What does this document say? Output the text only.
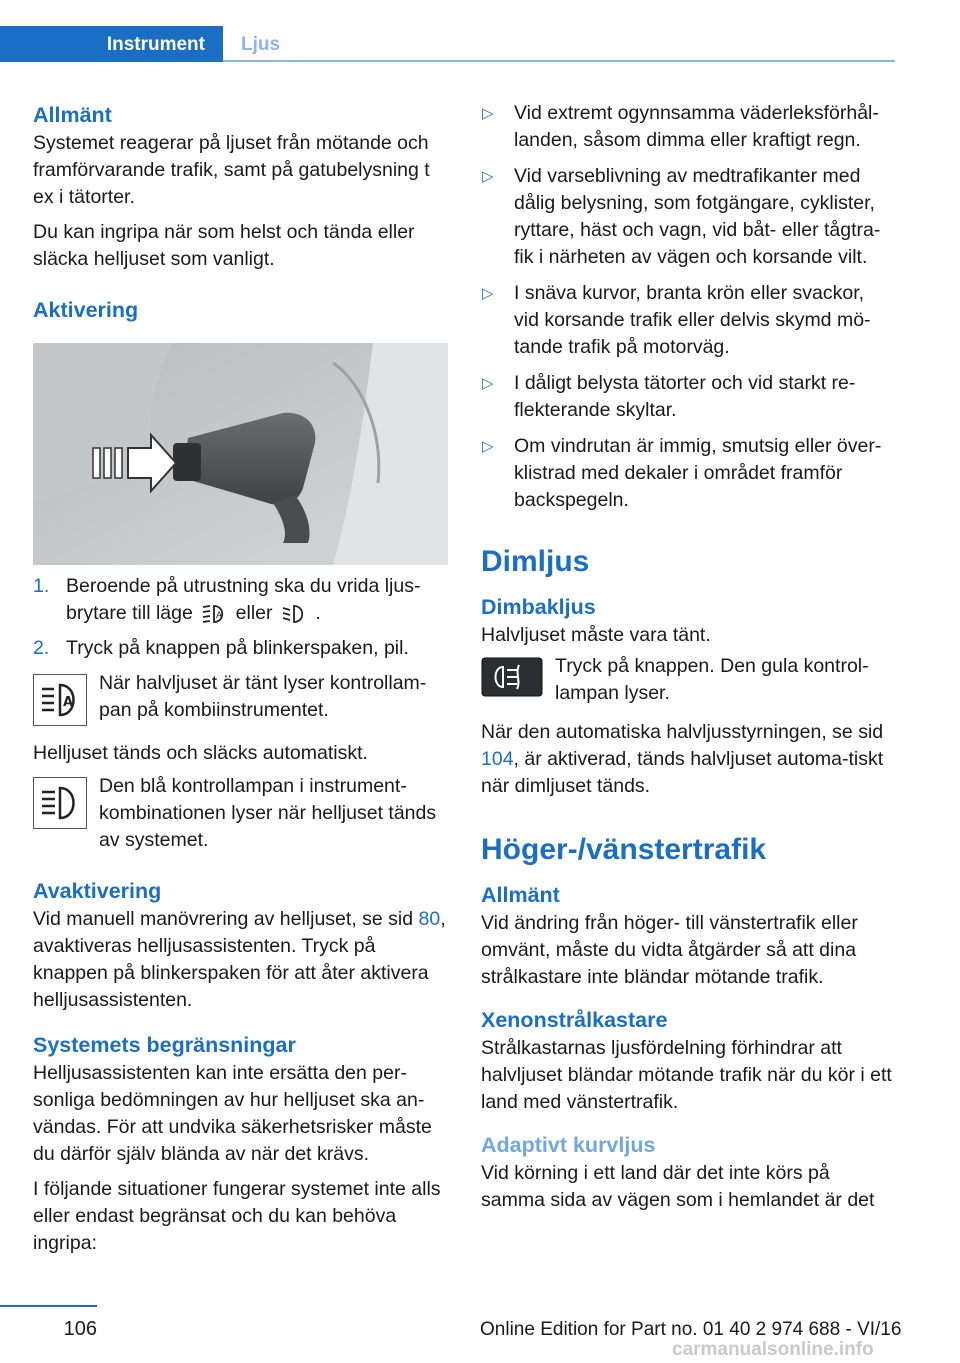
Instrument	Ljus
Allmänt

Systemet reagerar på ljuset från mötande och framförvarande trafik, samt på gatubelysning t ex i tätorter.

Du kan ingripa när som helst och tända eller släcka helljuset som vanligt.

Aktivering
1. Beroende på utrustning ska du vrida ljus-brytare till läge	A eller .
2. Tryck på knappen på blinkerspaken, pil.
A

När halvljuset är tänt lyser kontrollam-pan på kombiinstrumentet.

Helljuset tänds och släcks automatiskt.

Den blå kontrollampan i instrument-kombinationen lyser när helljuset tänds av systemet.

Avaktivering

Vid manuell manövrering av helljuset, se sid 80, avaktiveras helljusassistenten. Tryck på knappen på blinkerspaken för att åter aktivera helljusassistenten.

Systemets begränsningar

Helljusassistenten kan inte ersätta den per-sonliga bedömningen av hur helljuset ska an-vändas. För att undvika säkerhetsrisker måste du därför själv blända av när det krävs.

I följande situationer fungerar systemet inte alls eller endast begränsat och du kan behöva ingripa:

▷ Vid extremt ogynnsamma väderleksförhål-landen, såsom dimma eller kraftigt regn.
▷ Vid varseblivning av medtrafikanter med dålig belysning, som fotgängare, cyklister, ryttare, häst och vagn, vid båt- eller tågtra-fik i närheten av vägen och korsande vilt.
▷ I snäva kurvor, branta krön eller svackor, vid korsande trafik eller delvis skymd mö-tande trafik på motorväg.
▷ I dåligt belysta tätorter och vid starkt re-flekterande skyltar.
▷ Om vindrutan är immig, smutsig eller över-klistrad med dekaler i området framför backspegeln.
Dimljus
Dimbakljus

Halvljuset måste vara tänt.

Tryck på knappen. Den gula kontrol-lampan lyser.

När den automatiska halvljusstyrningen, se sid 104, är aktiverad, tänds halvljuset automa-tiskt när dimljuset tänds.

Höger-/vänstertrafik
Allmänt

Vid ändring från höger- till vänstertrafik eller omvänt, måste du vidta åtgärder så att dina strålkastare inte bländar mötande trafik.

Xenonstrålkastare

Strålkastarnas ljusfördelning förhindrar att halvljuset bländar mötande trafik när du kör i ett land med vänstertrafik.

Adaptivt kurvljus

Vid körning i ett land där det inte körs på samma sida av vägen som i hemlandet är det

106	Online Edition for Part no. 01 40 2 974 688 - VI/16
carmanualsonline.info
